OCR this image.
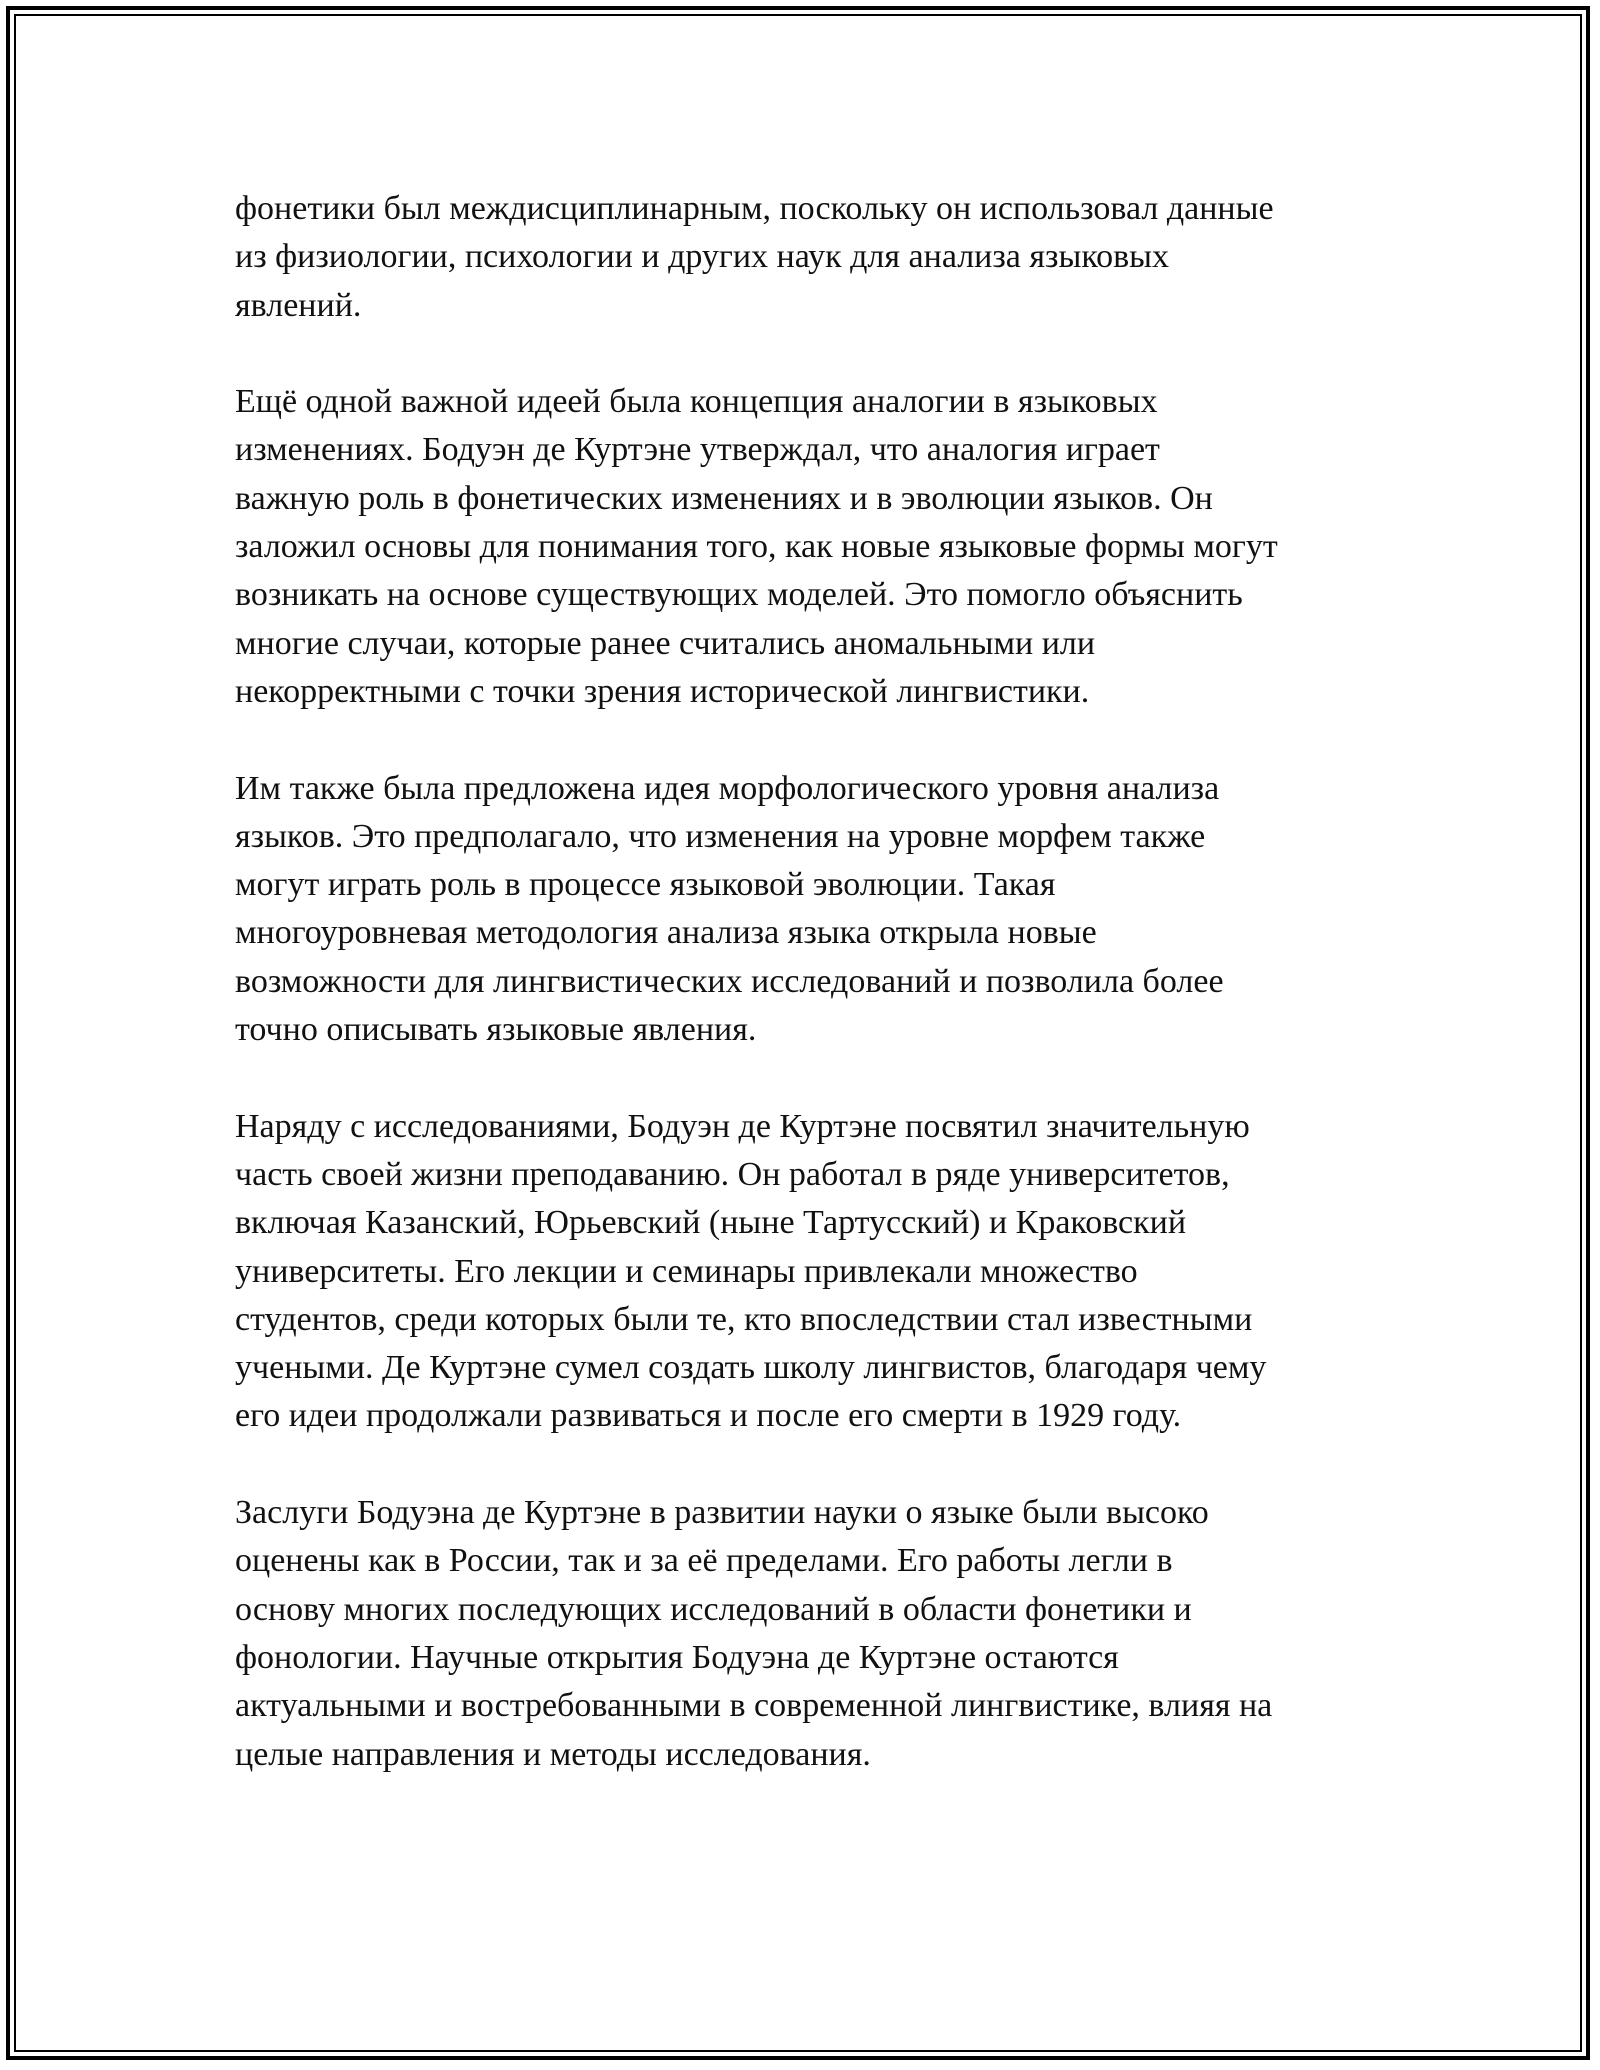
фонетики был междисциплинарным, поскольку он использовал данные
из физиологии, психологии и других наук для анализа языковых
явлений.

Ещё одной важной идеей была концепция аналогии в языковых
изменениях. Бодуэн де Куртэне утверждал, что аналогия играет
важную роль в фонетических изменениях и в эволюции языков. Он
заложил основы для понимания того, как новые языковые формы могут
возникать на основе существующих моделей. Это помогло объяснить
многие случаи, которые ранее считались аномальными или
некорректными с точки зрения исторической лингвистики.

Им также была предложена идея морфологического уровня анализа
языков. Это предполагало, что изменения на уровне морфем также
могут играть роль в процессе языковой эволюции. Такая
многоуровневая методология анализа языка открыла новые
возможности для лингвистических исследований и позволила более
точно описывать языковые явления.

Наряду с исследованиями, Бодуэн де Куртэне посвятил значительную
часть своей жизни преподаванию. Он работал в ряде университетов,
включая Казанский, Юрьевский (ныне Тартусский) и Краковский
университеты. Его лекции и семинары привлекали множество
студентов, среди которых были те, кто впоследствии стал известными
учеными. Де Куртэне сумел создать школу лингвистов, благодаря чему
его идеи продолжали развиваться и после его смерти в 1929 году.

Заслуги Бодуэна де Куртэне в развитии науки о языке были высоко
оценены как в России, так и за её пределами. Его работы легли в
основу многих последующих исследований в области фонетики и
фонологии. Научные открытия Бодуэна де Куртэне остаются
актуальными и востребованными в современной лингвистике, влияя на
целые направления и методы исследования.
